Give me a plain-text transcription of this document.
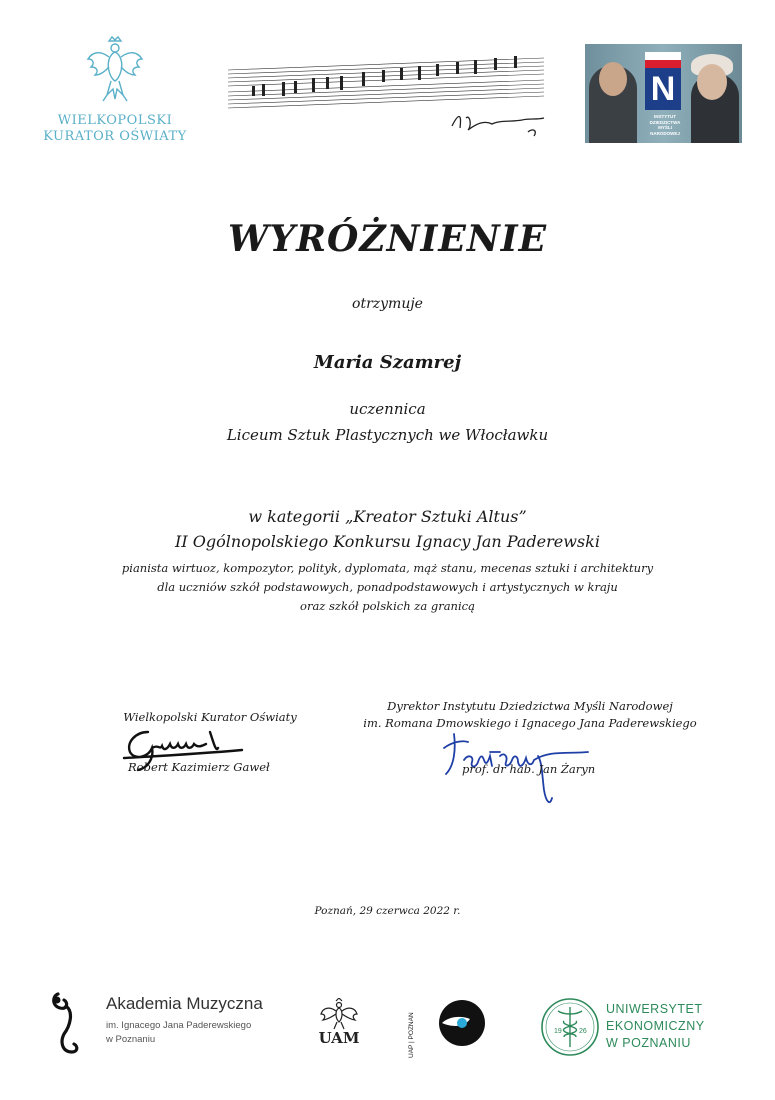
WIELKOPOLSKI
KURATOR OŚWIATY
N
INSTYTUT DZIEDZICTWA MYŚLI NARODOWEJ
WYRÓŻNIENIE
otrzymuje
Maria Szamrej
uczennica
Liceum Sztuk Plastycznych we Włocławku
w kategorii „Kreator Sztuki Altus”
II Ogólnopolskiego Konkursu Ignacy Jan Paderewski
pianista wirtuoz, kompozytor, polityk, dyplomata, mąż stanu, mecenas sztuki i architektury
dla uczniów szkół podstawowych, ponadpodstawowych i artystycznych w kraju
oraz szkół polskich za granicą
Wielkopolski Kurator Oświaty
Robert Kazimierz Gaweł
Dyrektor Instytutu Dziedzictwa Myśli Narodowej
im. Romana Dmowskiego i Ignacego Jana Paderewskiego
prof. dr hab. Jan Żaryn
Poznań, 29 czerwca 2022 r.
Akademia Muzyczna
im. Ignacego Jana Paderewskiego
w Poznaniu	UAM	UAP | POZNAN	19 26
UNIWERSYTET
EKONOMICZNY
W POZNANIU
